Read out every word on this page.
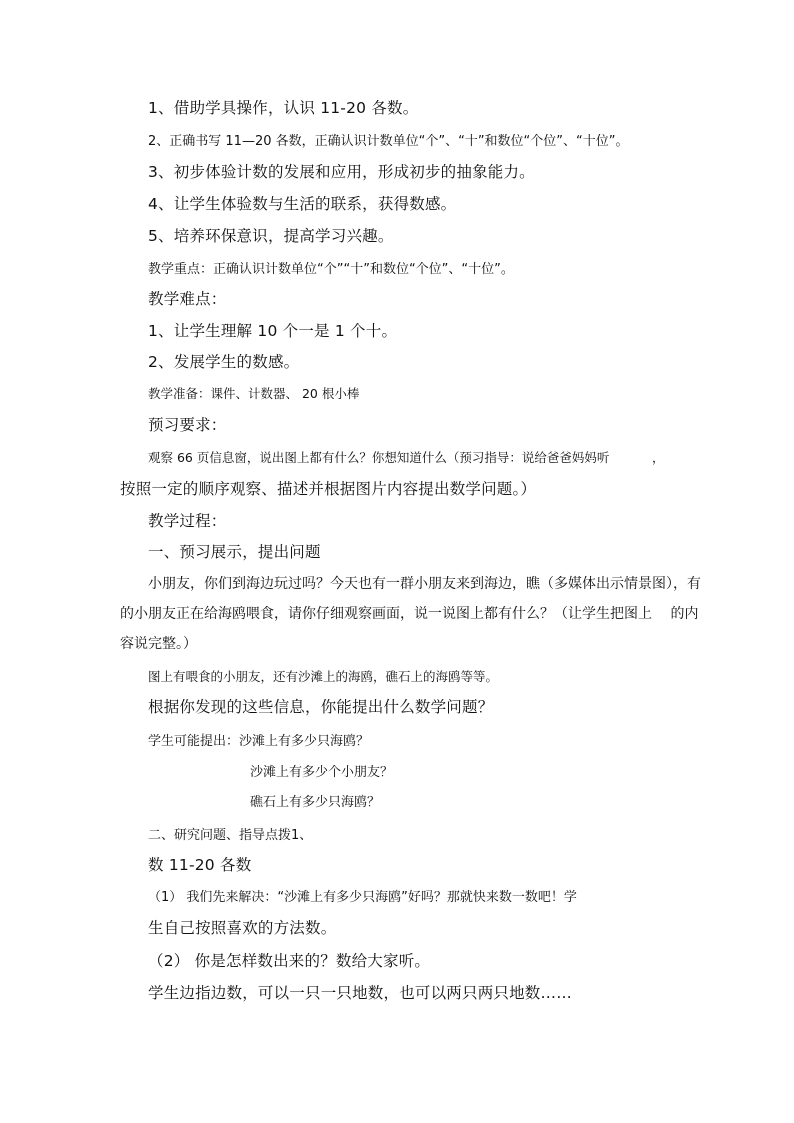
1、借助学具操作，认识 11-20 各数。
2、正确书写 11—20 各数，正确认识计数单位“个”、“十”和数位“个位”、“十位”。
3、初步体验计数的发展和应用，形成初步的抽象能力。
4、让学生体验数与生活的联系，获得数感。
5、培养环保意识，提高学习兴趣。
教学重点：正确认识计数单位“个”“十”和数位“个位”、“十位”。
教学难点：
1、让学生理解 10 个一是 1 个十。
2、发展学生的数感。
教学准备：课件、计数器、 20 根小棒
预习要求：
观察 66 页信息窗，说出图上都有什么？你想知道什么（预习指导：说给爸爸妈妈听	，
按照一定的顺序观察、描述并根据图片内容提出数学问题。）
教学过程：
一、预习展示，提出问题
小朋友，你们到海边玩过吗？今天也有一群小朋友来到海边，瞧（多媒体出示情景图），有
的小朋友正在给海鸥喂食，请你仔细观察画面，说一说图上都有什么？（让学生把图上　 的内
容说完整。）
图上有喂食的小朋友，还有沙滩上的海鸥，礁石上的海鸥等等。
根据你发现的这些信息，你能提出什么数学问题？
学生可能提出：沙滩上有多少只海鸥？
沙滩上有多少个小朋友？
礁石上有多少只海鸥？
二、研究问题、指导点拨1、
数 11-20 各数
（1） 我们先来解决：“沙滩上有多少只海鸥”好吗？那就快来数一数吧！学
生自己按照喜欢的方法数。
（2） 你是怎样数出来的？数给大家听。
学生边指边数，可以一只一只地数，也可以两只两只地数……
